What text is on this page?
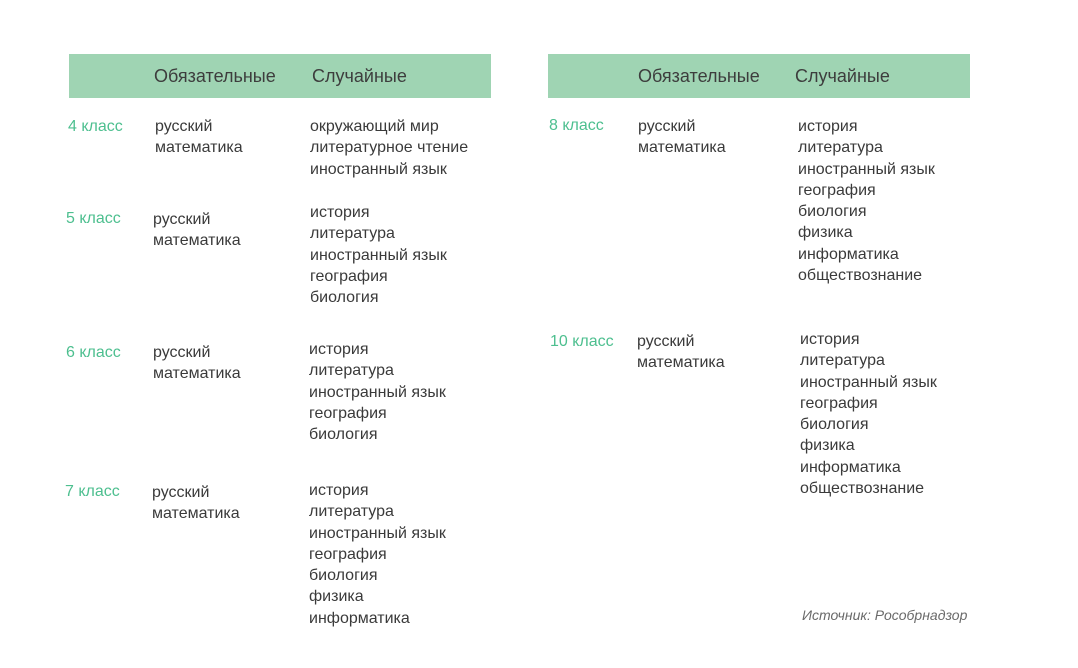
Обязательные Случайные	Обязательные Случайные
4 класс русский
математика
окружающий мир
литературное чтение
иностранный язык
5 класс русский
математика
история
литература
иностранный язык
география
биология
6 класс русский
математика
история
литература
иностранный язык
география
биология
7 класс русский
математика
история
литература
иностранный язык
география
биология
физика
информатика
8 класс русский
математика
история
литература
иностранный язык
география
биология
физика
информатика
обществознание
10 класс русский
математика
история
литература
иностранный язык
география
биология
физика
информатика
обществознание
Источник: Рособрнадзор
